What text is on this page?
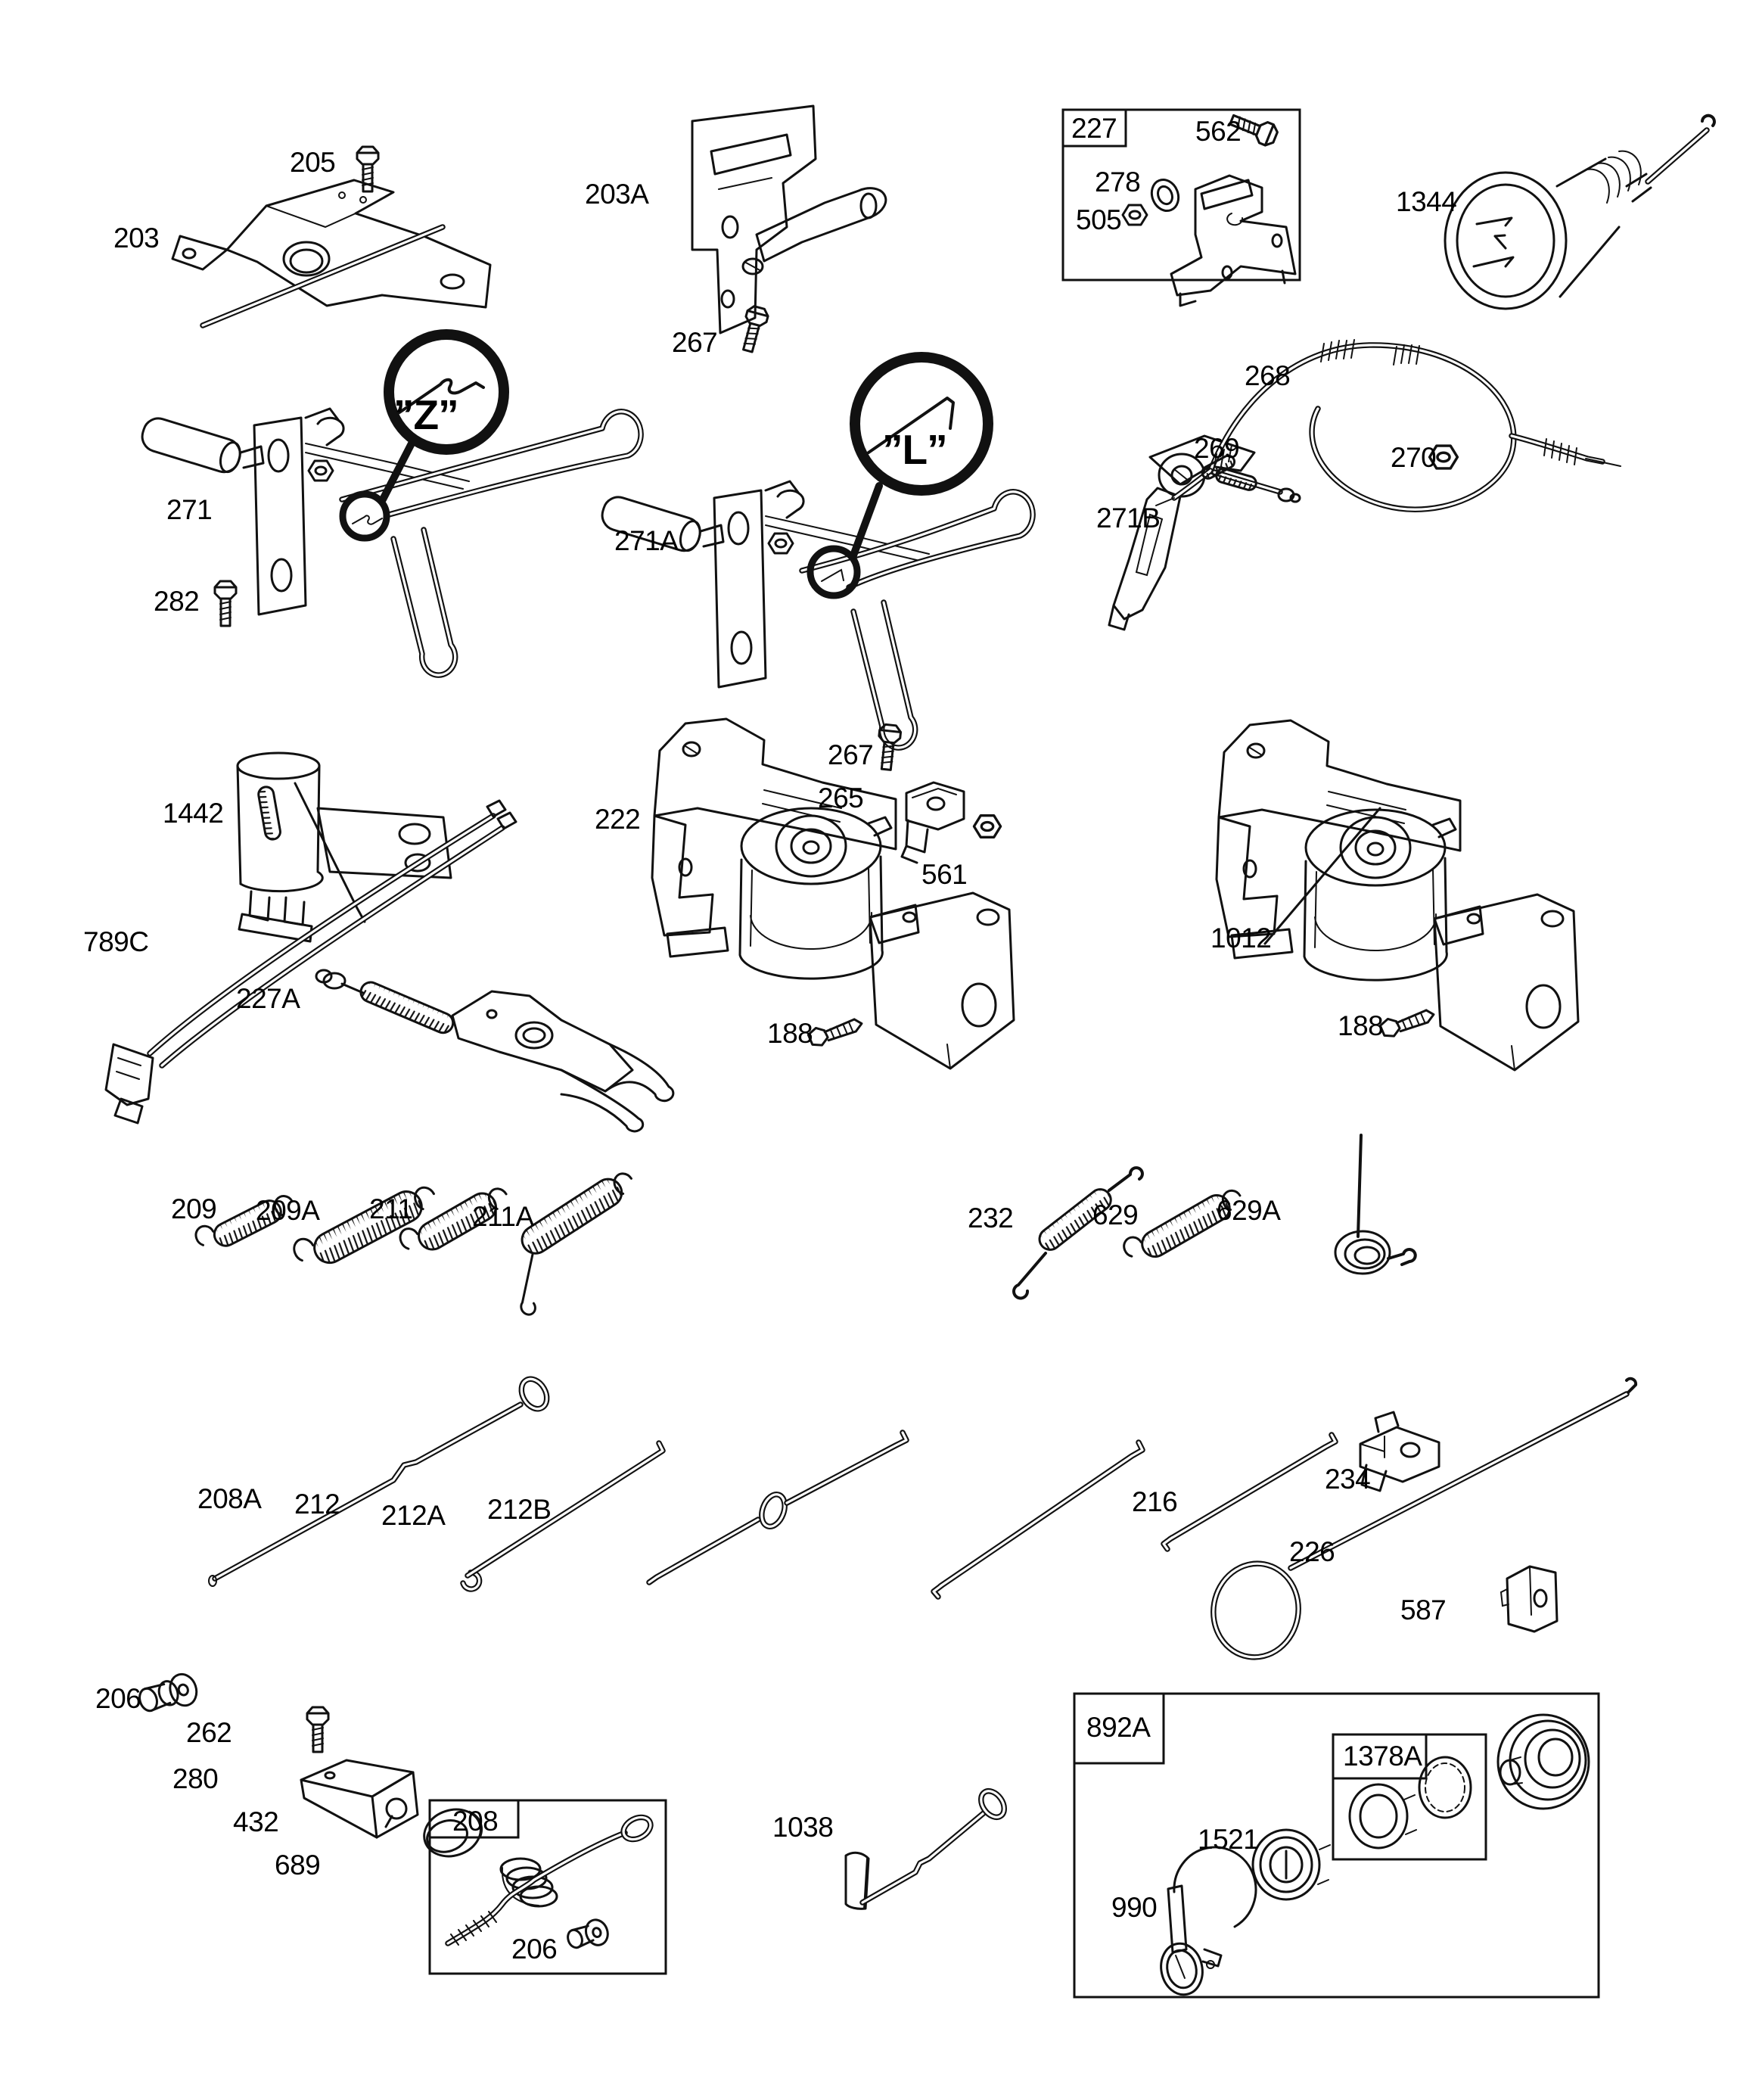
203
205
203A
267
227	562
278
505
1344
271
”Z”
282
271A
”L”
268
269	270
271B
1442
789C
227A
222
267
265
561
188
1012
188
209 209A 211 211A	232	629	629A
208A 212 212A 212B	216
234
226
587
206
262
280
432
689
208
206
1038
892A
1378A
1521
990
